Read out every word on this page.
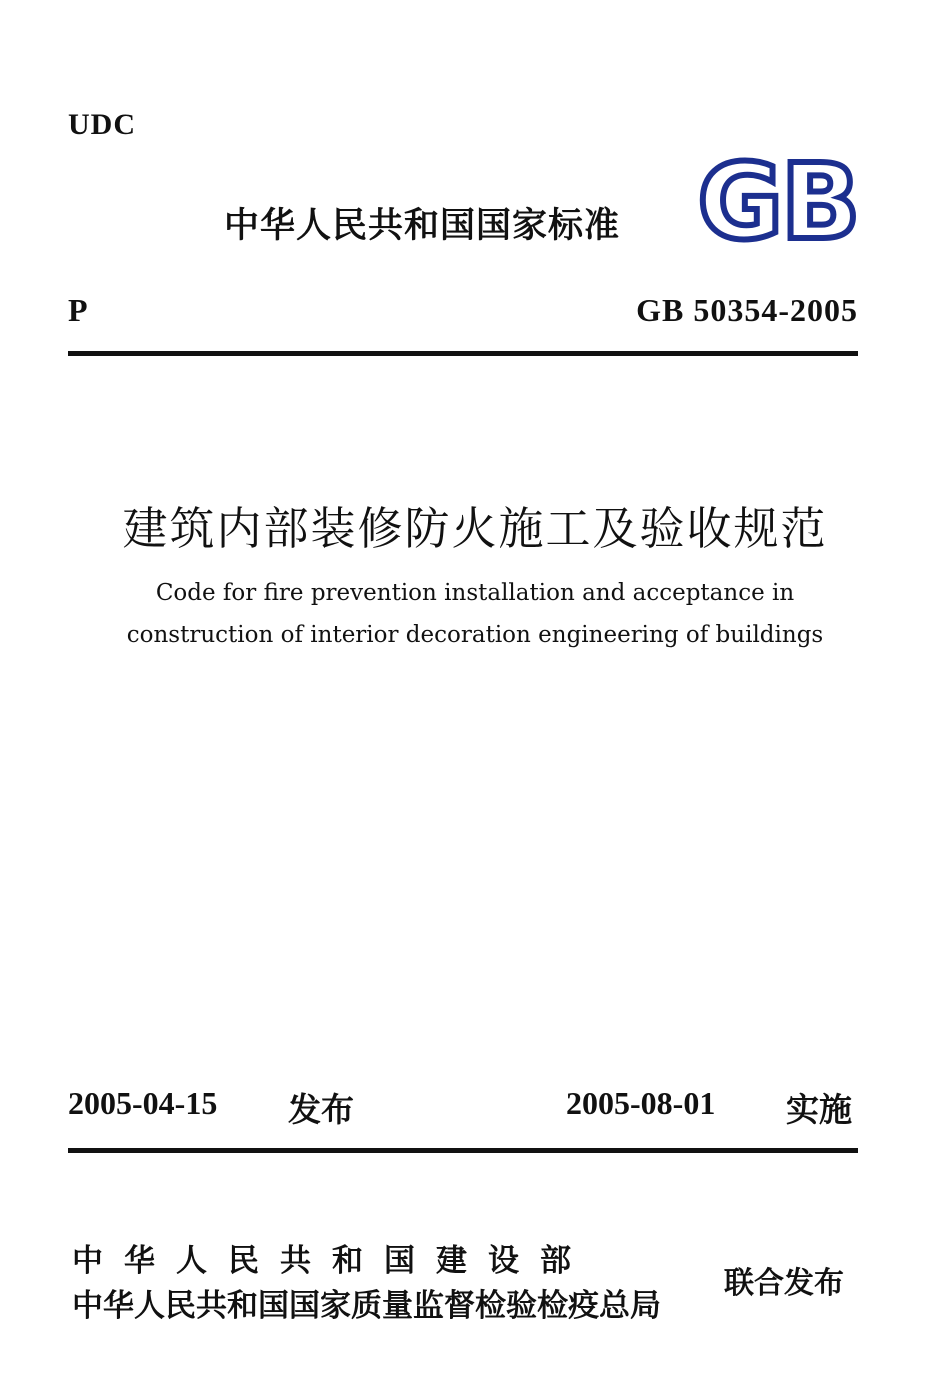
UDC
中华人民共和国国家标准 GB
P	GB 50354-2005
建筑内部装修防火施工及验收规范
Code for fire prevention installation and acceptance in
construction of interior decoration engineering of buildings
2005-04-15 发布	2005-08-01 实施
中华人民共和国建设部
中华人民共和国国家质量监督检验检疫总局
联合发布
